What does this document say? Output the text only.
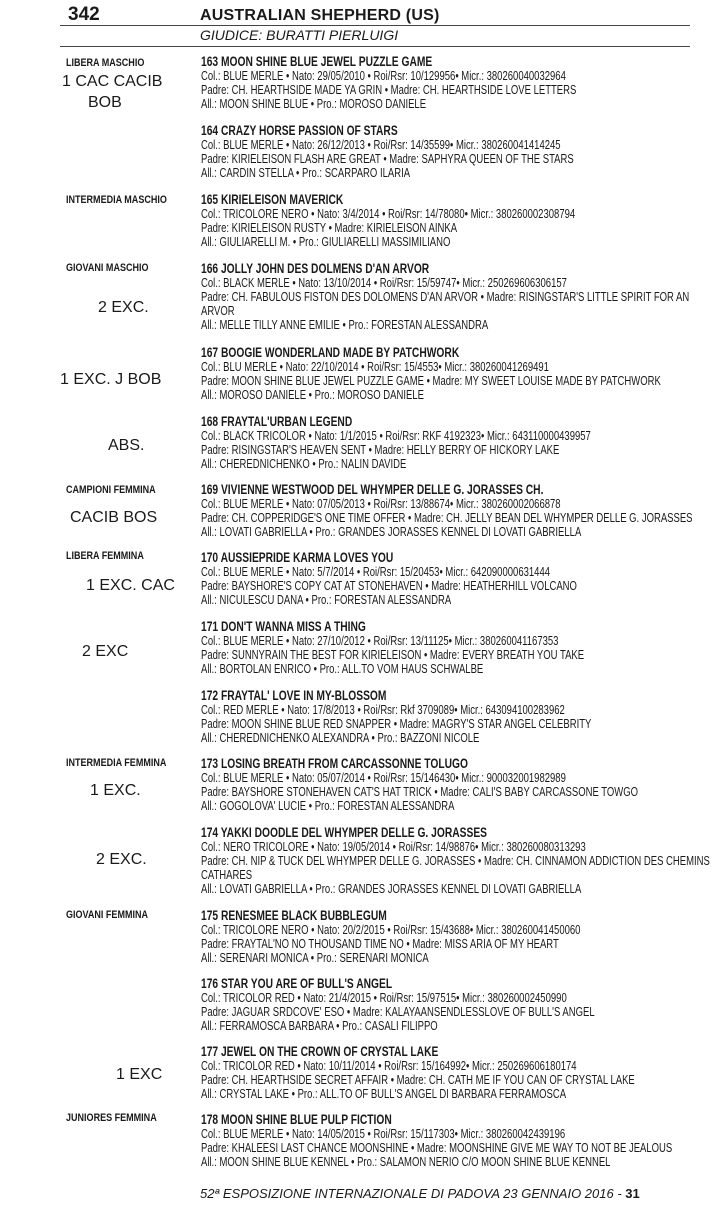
342	AUSTRALIAN SHEPHERD (US)
GIUDICE: BURATTI PIERLUIGI
LIBERA MASCHIO
INTERMEDIA MASCHIO
GIOVANI MASCHIO
CAMPIONI FEMMINA
LIBERA FEMMINA
INTERMEDIA FEMMINA
GIOVANI FEMMINA
JUNIORES FEMMINA
1 CAC CACIB
BOB
2 EXC.
1 EXC. J BOB
ABS.
CACIB BOS
1 EXC. CAC
2 EXC
1 EXC.
2 EXC.
1 EXC
163 MOON SHINE BLUE JEWEL PUZZLE GAME
Col.: BLUE MERLE • Nato: 29/05/2010 • Roi/Rsr: 10/129956• Micr.: 380260040032964
Padre: CH. HEARTHSIDE MADE YA GRIN • Madre: CH. HEARTHSIDE LOVE LETTERS
All.: MOON SHINE BLUE • Pro.: MOROSO DANIELE
164 CRAZY HORSE PASSION OF STARS
Col.: BLUE MERLE • Nato: 26/12/2013 • Roi/Rsr: 14/35599• Micr.: 380260041414245
Padre: KIRIELEISON FLASH ARE GREAT • Madre: SAPHYRA QUEEN OF THE STARS
All.: CARDIN STELLA • Pro.: SCARPARO ILARIA
165 KIRIELEISON MAVERICK
Col.: TRICOLORE NERO • Nato: 3/4/2014 • Roi/Rsr: 14/78080• Micr.: 380260002308794
Padre: KIRIELEISON RUSTY • Madre: KIRIELEISON AINKA
All.: GIULIARELLI M. • Pro.: GIULIARELLI MASSIMILIANO
166 JOLLY JOHN DES DOLMENS D'AN ARVOR
Col.: BLACK MERLE • Nato: 13/10/2014 • Roi/Rsr: 15/59747• Micr.: 250269606306157
Padre: CH. FABULOUS FISTON DES DOLOMENS D'AN ARVOR • Madre: RISINGSTAR'S LITTLE SPIRIT FOR AN
ARVOR
All.: MELLE TILLY ANNE EMILIE • Pro.: FORESTAN ALESSANDRA
167 BOOGIE WONDERLAND MADE BY PATCHWORK
Col.: BLU MERLE • Nato: 22/10/2014 • Roi/Rsr: 15/4553• Micr.: 380260041269491
Padre: MOON SHINE BLUE JEWEL PUZZLE GAME • Madre: MY SWEET LOUISE MADE BY PATCHWORK
All.: MOROSO DANIELE • Pro.: MOROSO DANIELE
168 FRAYTAL'URBAN LEGEND
Col.: BLACK TRICOLOR • Nato: 1/1/2015 • Roi/Rsr: RKF 4192323• Micr.: 643110000439957
Padre: RISINGSTAR'S HEAVEN SENT • Madre: HELLY BERRY OF HICKORY LAKE
All.: CHEREDNICHENKO • Pro.: NALIN DAVIDE
169 VIVIENNE WESTWOOD DEL WHYMPER DELLE G. JORASSES CH.
Col.: BLUE MERLE • Nato: 07/05/2013 • Roi/Rsr: 13/88674• Micr.: 380260002066878
Padre: CH. COPPERIDGE'S ONE TIME OFFER • Madre: CH. JELLY BEAN DEL WHYMPER DELLE G. JORASSES
All.: LOVATI GABRIELLA • Pro.: GRANDES JORASSES KENNEL DI LOVATI GABRIELLA
170 AUSSIEPRIDE KARMA LOVES YOU
Col.: BLUE MERLE • Nato: 5/7/2014 • Roi/Rsr: 15/20453• Micr.: 642090000631444
Padre: BAYSHORE'S COPY CAT AT STONEHAVEN • Madre: HEATHERHILL VOLCANO
All.: NICULESCU DANA • Pro.: FORESTAN ALESSANDRA
171 DON'T WANNA MISS A THING
Col.: BLUE MERLE • Nato: 27/10/2012 • Roi/Rsr: 13/11125• Micr.: 380260041167353
Padre: SUNNYRAIN THE BEST FOR KIRIELEISON • Madre: EVERY BREATH YOU TAKE
All.: BORTOLAN ENRICO • Pro.: ALL.TO VOM HAUS SCHWALBE
172 FRAYTAL' LOVE IN MY-BLOSSOM
Col.: RED MERLE • Nato: 17/8/2013 • Roi/Rsr: Rkf 3709089• Micr.: 643094100283962
Padre: MOON SHINE BLUE RED SNAPPER • Madre: MAGRY'S STAR ANGEL CELEBRITY
All.: CHEREDNICHENKO ALEXANDRA • Pro.: BAZZONI NICOLE
173 LOSING BREATH FROM CARCASSONNE TOLUGO
Col.: BLUE MERLE • Nato: 05/07/2014 • Roi/Rsr: 15/146430• Micr.: 900032001982989
Padre: BAYSHORE STONEHAVEN CAT'S HAT TRICK • Madre: CALI'S BABY CARCASSONE TOWGO
All.: GOGOLOVA' LUCIE • Pro.: FORESTAN ALESSANDRA
174 YAKKI DOODLE DEL WHYMPER DELLE G. JORASSES
Col.: NERO TRICOLORE • Nato: 19/05/2014 • Roi/Rsr: 14/98876• Micr.: 380260080313293
Padre: CH. NIP & TUCK DEL WHYMPER DELLE G. JORASSES • Madre: CH. CINNAMON ADDICTION DES CHEMINS
CATHARES
All.: LOVATI GABRIELLA • Pro.: GRANDES JORASSES KENNEL DI LOVATI GABRIELLA
175 RENESMEE BLACK BUBBLEGUM
Col.: TRICOLORE NERO • Nato: 20/2/2015 • Roi/Rsr: 15/43688• Micr.: 380260041450060
Padre: FRAYTAL'NO NO THOUSAND TIME NO • Madre: MISS ARIA OF MY HEART
All.: SERENARI MONICA • Pro.: SERENARI MONICA
176 STAR YOU ARE OF BULL'S ANGEL
Col.: TRICOLOR RED • Nato: 21/4/2015 • Roi/Rsr: 15/97515• Micr.: 380260002450990
Padre: JAGUAR SRDCOVE' ESO • Madre: KALAYAANSENDLESSLOVE OF BULL'S ANGEL
All.: FERRAMOSCA BARBARA • Pro.: CASALI FILIPPO
177 JEWEL ON THE CROWN OF CRYSTAL LAKE
Col.: TRICOLOR RED • Nato: 10/11/2014 • Roi/Rsr: 15/164992• Micr.: 250269606180174
Padre: CH. HEARTHSIDE SECRET AFFAIR • Madre: CH. CATH ME IF YOU CAN OF CRYSTAL LAKE
All.: CRYSTAL LAKE • Pro.: ALL.TO OF BULL'S ANGEL DI BARBARA FERRAMOSCA
178 MOON SHINE BLUE PULP FICTION
Col.: BLUE MERLE • Nato: 14/05/2015 • Roi/Rsr: 15/117303• Micr.: 380260042439196
Padre: KHALEESI LAST CHANCE MOONSHINE • Madre: MOONSHINE GIVE ME WAY TO NOT BE JEALOUS
All.: MOON SHINE BLUE KENNEL • Pro.: SALAMON NERIO C/O MOON SHINE BLUE KENNEL
52ª ESPOSIZIONE INTERNAZIONALE DI PADOVA 23 GENNAIO 2016 - 31
